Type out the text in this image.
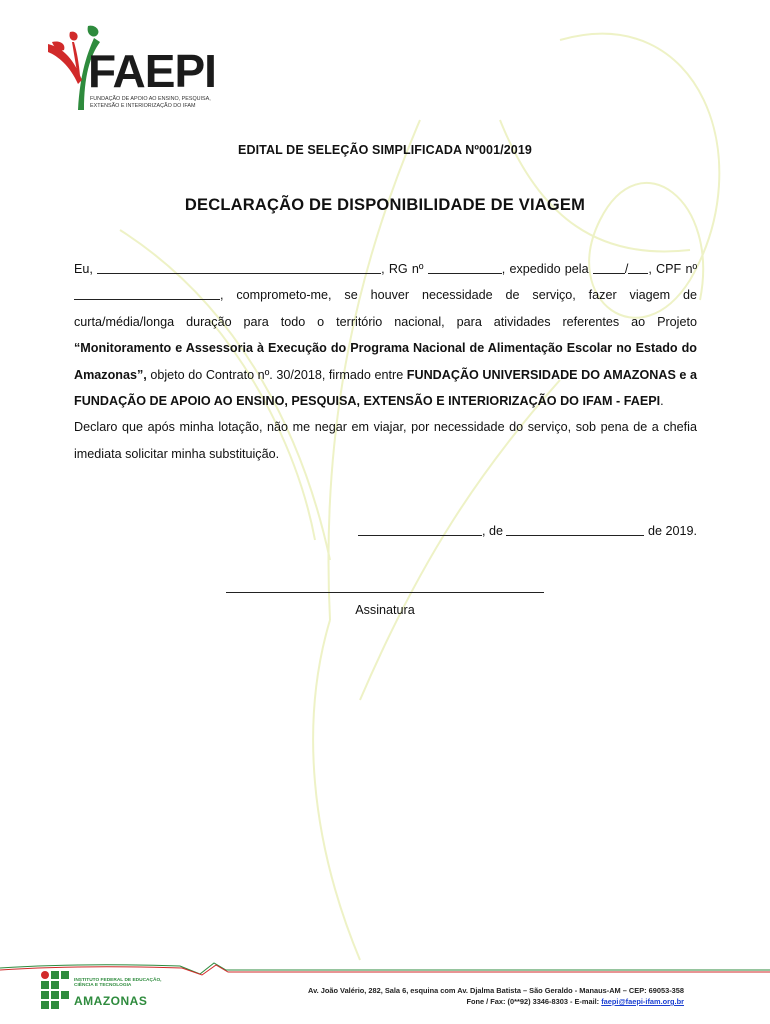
FAEPI
FUNDAÇÃO DE APOIO AO ENSINO, PESQUISA, EXTENSÃO E INTERIORIZAÇÃO DO IFAM
EDITAL DE SELEÇÃO SIMPLIFICADA Nº001/2019
DECLARAÇÃO DE DISPONIBILIDADE DE VIAGEM

Eu,	, RG nº	, expedido pela	/ , CPF nº , comprometo-me, se houver necessidade de serviço, fazer viagem de curta/média/longa duração para todo o território nacional, para atividades referentes ao Projeto “Monitoramento e Assessoria à Execução do Programa Nacional de Alimentação Escolar no Estado do Amazonas”, objeto do Contrato nº. 30/2018, firmado entre FUNDAÇÃO UNIVERSIDADE DO AMAZONAS e a FUNDAÇÃO DE APOIO AO ENSINO, PESQUISA, EXTENSÃO E INTERIORIZAÇÃO DO IFAM - FAEPI.

Declaro que após minha lotação, não me negar em viajar, por necessidade do serviço, sob pena de a chefia imediata solicitar minha substituição.

, de	de 2019.
Assinatura
INSTITUTO FEDERAL DE EDUCAÇÃO, CIÊNCIA E TECNOLOGIA
AMAZONAS
Av. João Valério, 282, Sala 6, esquina com Av. Djalma Batista – São Geraldo - Manaus-AM – CEP: 69053-358
Fone / Fax: (0**92) 3346-8303 - E-mail: faepi@faepi-ifam.org.br
